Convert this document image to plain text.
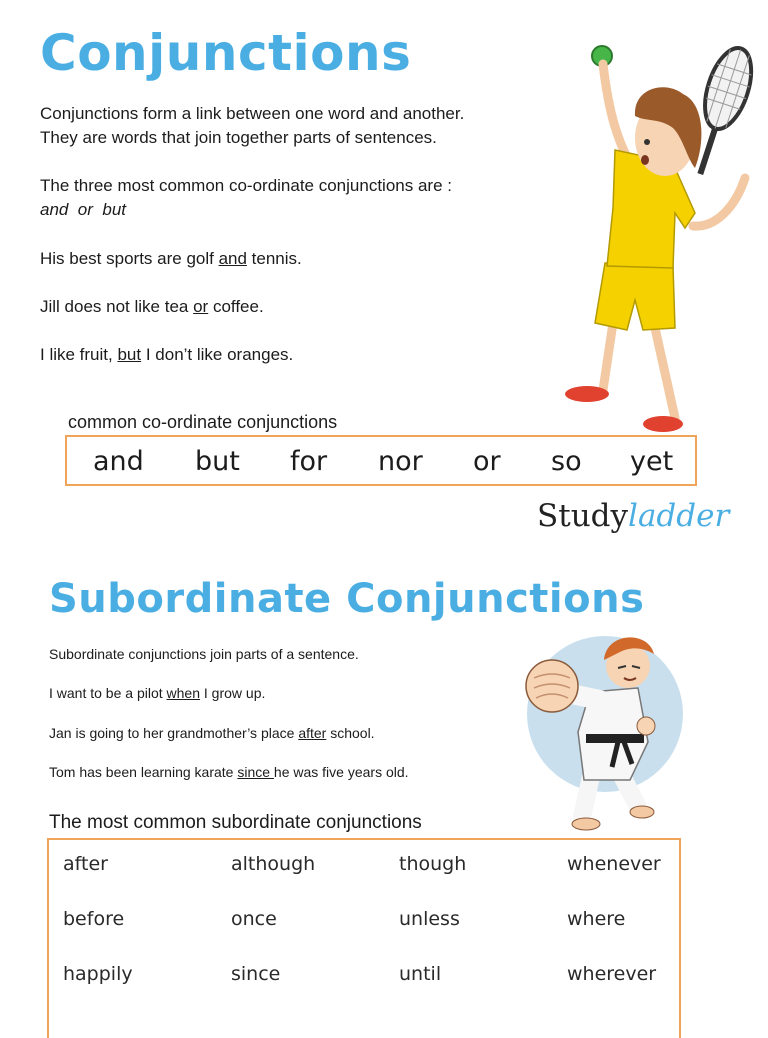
Conjunctions
Conjunctions form a link between one word and another.
They are words that join together parts of sentences.
The three most common co-ordinate conjunctions are :
and  or  but
His best sports are golf and tennis.
Jill does not like tea or coffee.
I like fruit, but I don’t like oranges.
common co-ordinate conjunctions
and but for nor or so yet
Studyladder
Subordinate Conjunctions
Subordinate conjunctions join parts of a sentence.
I want to be a pilot when I grow up.
Jan is going to her grandmother’s place after school.
Tom has been learning karate since he was five years old.
The most common subordinate conjunctions
after	although	though	whenever
before	once	unless	where
happily	since	until	wherever
